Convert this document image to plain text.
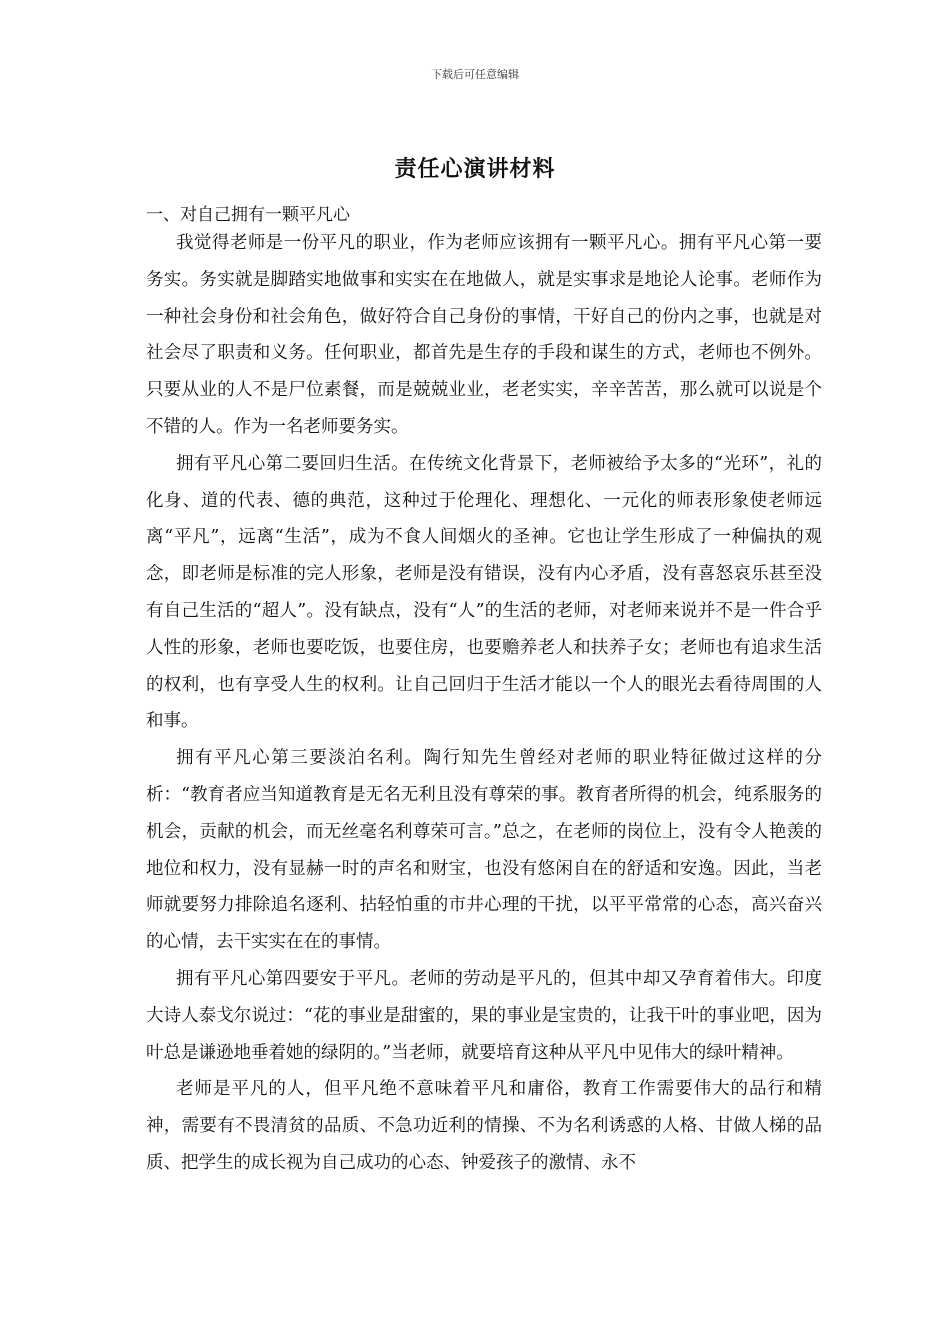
下载后可任意编辑
责任心演讲材料
一、对自己拥有一颗平凡心

我觉得老师是一份平凡的职业，作为老师应该拥有一颗平凡心。拥有平凡心第一要务实。务实就是脚踏实地做事和实实在在地做人，就是实事求是地论人论事。老师作为一种社会身份和社会角色，做好符合自己身份的事情，干好自己的份内之事，也就是对社会尽了职责和义务。任何职业，都首先是生存的手段和谋生的方式，老师也不例外。只要从业的人不是尸位素餐，而是兢兢业业，老老实实，辛辛苦苦，那么就可以说是个不错的人。作为一名老师要务实。

拥有平凡心第二要回归生活。在传统文化背景下，老师被给予太多的“光环”，礼的化身、道的代表、德的典范，这种过于伦理化、理想化、一元化的师表形象使老师远离“平凡”，远离“生活”，成为不食人间烟火的圣神。它也让学生形成了一种偏执的观念，即老师是标准的完人形象，老师是没有错误，没有内心矛盾，没有喜怒哀乐甚至没有自己生活的“超人”。没有缺点，没有“人”的生活的老师，对老师来说并不是一件合乎人性的形象，老师也要吃饭，也要住房，也要赡养老人和扶养子女；老师也有追求生活的权利，也有享受人生的权利。让自己回归于生活才能以一个人的眼光去看待周围的人和事。

拥有平凡心第三要淡泊名利。陶行知先生曾经对老师的职业特征做过这样的分析：“教育者应当知道教育是无名无利且没有尊荣的事。教育者所得的机会，纯系服务的机会，贡献的机会，而无丝毫名利尊荣可言。”总之，在老师的岗位上，没有令人艳羡的地位和权力，没有显赫一时的声名和财宝，也没有悠闲自在的舒适和安逸。因此，当老师就要努力排除追名逐利、拈轻怕重的市井心理的干扰，以平平常常的心态，高兴奋兴的心情，去干实实在在的事情。

拥有平凡心第四要安于平凡。老师的劳动是平凡的，但其中却又孕育着伟大。印度大诗人泰戈尔说过：“花的事业是甜蜜的，果的事业是宝贵的，让我干叶的事业吧，因为叶总是谦逊地垂着她的绿阴的。”当老师，就要培育这种从平凡中见伟大的绿叶精神。

老师是平凡的人，但平凡绝不意味着平凡和庸俗，教育工作需要伟大的品行和精神，需要有不畏清贫的品质、不急功近利的情操、不为名利诱惑的人格、甘做人梯的品质、把学生的成长视为自己成功的心态、钟爱孩子的激情、永不
